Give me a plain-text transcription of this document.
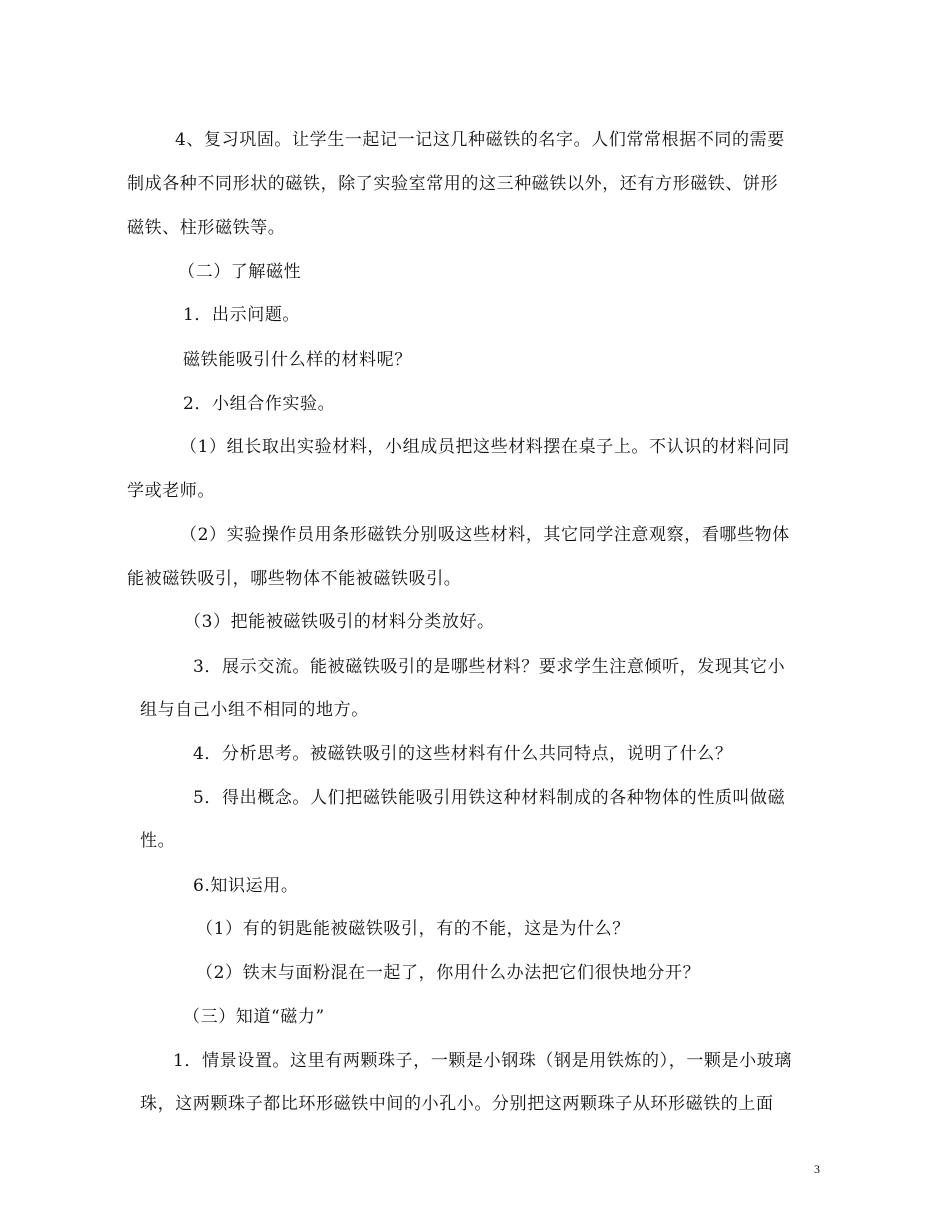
4、复习巩固。让学生一起记一记这几种磁铁的名字。人们常常根据不同的需要
制成各种不同形状的磁铁，除了实验室常用的这三种磁铁以外，还有方形磁铁、饼形
磁铁、柱形磁铁等。
（二）了解磁性
1．出示问题。
磁铁能吸引什么样的材料呢？
2．小组合作实验。
（1）组长取出实验材料，小组成员把这些材料摆在桌子上。不认识的材料问同
学或老师。
（2）实验操作员用条形磁铁分别吸这些材料，其它同学注意观察，看哪些物体
能被磁铁吸引，哪些物体不能被磁铁吸引。
（3）把能被磁铁吸引的材料分类放好。
3．展示交流。能被磁铁吸引的是哪些材料？要求学生注意倾听，发现其它小
组与自己小组不相同的地方。
4．分析思考。被磁铁吸引的这些材料有什么共同特点，说明了什么？
5．得出概念。人们把磁铁能吸引用铁这种材料制成的各种物体的性质叫做磁
性。
6.知识运用。
（1）有的钥匙能被磁铁吸引，有的不能，这是为什么？
（2）铁末与面粉混在一起了，你用什么办法把它们很快地分开？
（三）知道“磁力”
1．情景设置。这里有两颗珠子，一颗是小钢珠（钢是用铁炼的），一颗是小玻璃
珠，这两颗珠子都比环形磁铁中间的小孔小。分别把这两颗珠子从环形磁铁的上面
3
